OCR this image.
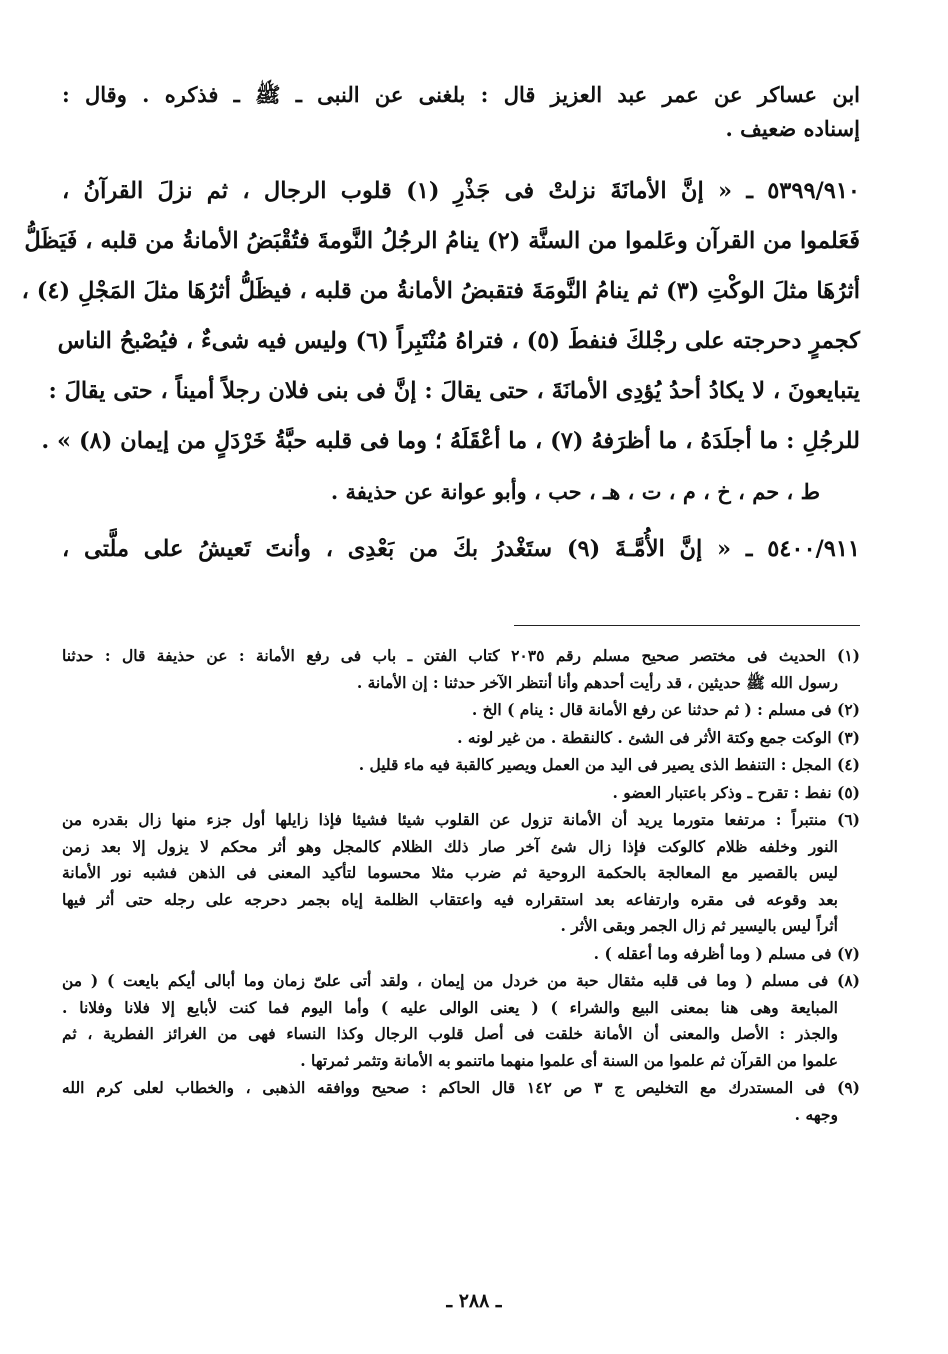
ابن عساكر عن عمر عبد العزيز قال : بلغنى عن النبى ـ ﷺ ـ فذكره . وقال :

إسناده ضعيف .

٥٣٩٩/٩١٠ ـ « إنَّ الأمانَةَ نزلتْ فى جَذْرِ (١) قلوب الرجال ، ثم نزلَ القرآنُ ،

فَعَلموا من القرآن وعَلموا من السنَّة (٢) ينامُ الرجُلُ النَّومةَ فتُقْبَضُ الأمانةُ من قلبه ، فَيَظَلُّ

أثرُهَا مثلَ الوكْتِ (٣) ثم ينامُ النَّومَةَ فتقبضُ الأمانةُ من قلبه ، فيظَلُّ أثرُهَا مثلَ المَجْلِ (٤) ،

كجمرٍ دحرجته على رجْلكَ فنفطَ (٥) ، فتراهُ مُنْتَبِراً (٦) وليس فيه شىءٌ ، فيُصْبحُ الناس

يتبايعونَ ، لا يكادُ أحدُ يُؤدِى الأمانَةَ ، حتى يقالَ : إنَّ فى بنى فلان رجلاً أميناً ، حتى يقالَ :

للرجُلِ : ما أجلَدَهُ ، ما أظرَفهُ (٧) ، ما أعْقَلَهُ ؛ وما فى قلبه حبَّةُ خَرْدَلٍ من إيمان (٨) » .

ط ، حم ، خ ، م ، ت ، هـ ، حب ، وأبو عوانة عن حذيفة .

٥٤٠٠/٩١١ ـ « إنَّ الأُمَّـةَ (٩) ستَغْدرُ بكَ من بَعْدِى ، وأنتَ تَعيشُ على ملَّتى ،

(١) الحديث فى مختصر صحيح مسلم رقم ٢٠٣٥ كتاب الفتن ـ باب فى رفع الأمانة : عن حذيفة قال : حدثنا

رسول الله ﷺ حديثين ، قد رأيت أحدهم وأنا أنتظر الآخر حدثنا : إن الأمانة .

(٢) فى مسلم : ( ثم حدثنا عن رفع الأمانة قال : ينام ) الخ .

(٣) الوكت جمع وكتة الأثر فى الشئ . كالنقطة . من غير لونه .

(٤) المجل : التنفط الذى يصير فى اليد من العمل ويصير كالقبة فيه ماء قليل .

(٥) نفط : تقرح ـ وذكر باعتبار العضو .

(٦) منتبراً : مرتفعا متورما يريد أن الأمانة تزول عن القلوب شيئا فشيئا فإذا زايلها أول جزء منها زال بقدره من

النور وخلفه ظلام كالوكت فإذا زال شئ آخر صار ذلك الظلام كالمجل وهو أثر محكم لا يزول إلا بعد زمن

ليس بالقصير مع المعالجة بالحكمة الروحية ثم ضرب مثلا محسوما لتأكيد المعنى فى الذهن فشبه نور الأمانة

بعد وقوعه فى مقره وارتفاعه بعد استقراره فيه واعتقاب الظلمة إياه بجمر دحرجه على رجله حتى أثر فيها

أثراً ليس باليسير ثم زال الجمر وبقى الأثر .

(٧) فى مسلم ( وما أظرفه وما أعقله ) .

(٨) فى مسلم ( وما فى قلبه مثقال حبة من خردل من إيمان ، ولقد أتى علىّ زمان وما أبالى أيكم بايعت ) ( من

المبايعة وهى هنا بمعنى البيع والشراء ) ( يعنى الوالى عليه ) وأما اليوم فما كنت لأبايع إلا فلانا وفلانا .

والجذر : الأصل والمعنى أن الأمانة خلقت فى أصل قلوب الرجال وكذا النساء فهى من الغرائز الفطرية ، ثم

علموا من القرآن ثم علموا من السنة أى علموا منهما ماتنمو به الأمانة وتثمر ثمرتها .

(٩) فى المستدرك مع التخليص ج ٣ ص ١٤٢ قال الحاكم : صحيح ووافقه الذهبى ، والخطاب لعلى كرم الله

وجهه .

ـ ٢٨٨ ـ
